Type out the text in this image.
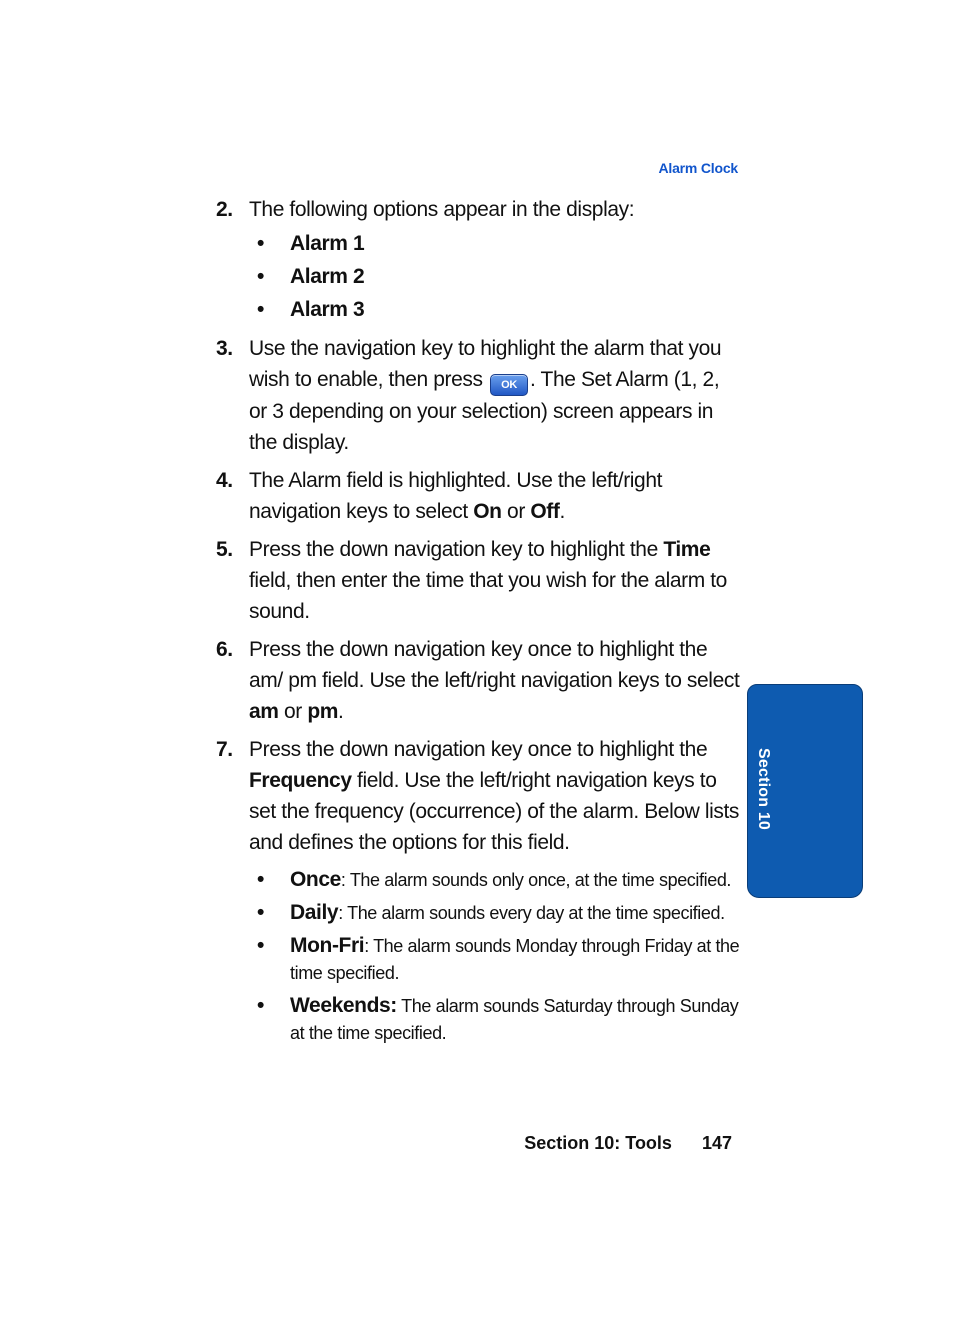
Alarm Clock
2. The following options appear in the display:
• Alarm 1
• Alarm 2
• Alarm 3
3. Use the navigation key to highlight the alarm that you wish to enable, then press OK . The Set Alarm (1, 2, or 3 depending on your selection) screen appears in the display.
4. The Alarm field is highlighted. Use the left/right navigation keys to select On or Off.
5. Press the down navigation key to highlight the Time field, then enter the time that you wish for the alarm to sound.
6. Press the down navigation key once to highlight the am/ pm field. Use the left/right navigation keys to select am or pm.
7. Press the down navigation key once to highlight the Frequency field. Use the left/right navigation keys to set the frequency (occurrence) of the alarm. Below lists and defines the options for this field.
• Once: The alarm sounds only once, at the time specified.
• Daily: The alarm sounds every day at the time specified.
• Mon-Fri: The alarm sounds Monday through Friday at the time specified.
• Weekends: The alarm sounds Saturday through Sunday at the time specified.
Section 10
Section 10: Tools 147
